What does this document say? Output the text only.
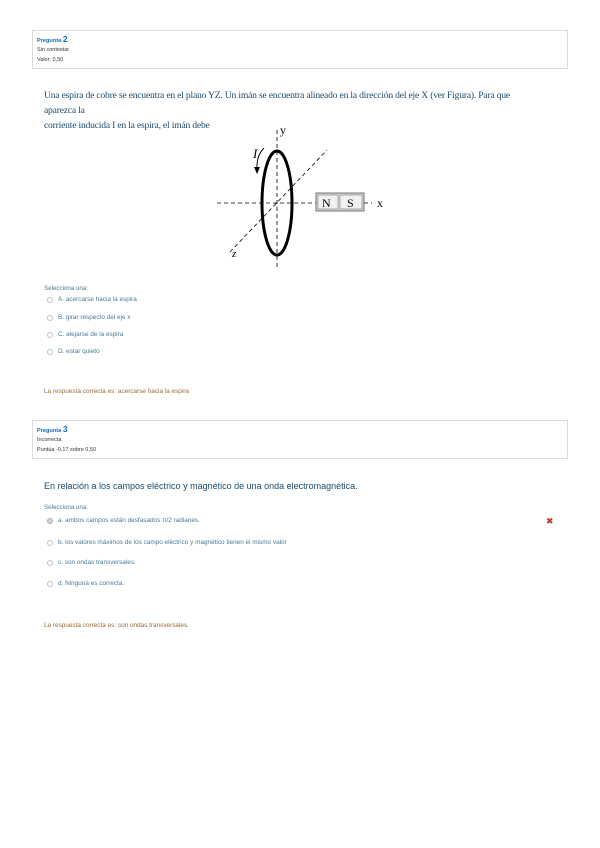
Pregunta 2
Sin contestar
Valor: 0,50
Una espira de cobre se encuentra en el plano YZ. Un imán se encuentra alineado en la dirección del eje X (ver Figura). Para que aparezca la
corriente inducida I en la espira, el imán debe
N S
y
x
z
I
Selecciona una:
A. acercarse hacia la espira
B. girar respecto del eje x
C. alejarse de la espira
D. estar quieto
La respuesta correcta es: acercarse hacia la espira
Pregunta 3
Incorrecta
Puntúa -0,17 sobre 0,50
En relación a los campos eléctrico y magnético de una onda electromagnética.
Selecciona una:
a. ambos campos están desfasados π/2 radianes.
b. los valores máximos de los campo eléctrico y magnético tienen el mismo valor
c. son ondas transversales.
d. Ninguna es correcta.
✖
La respuesta correcta es: son ondas transversales.
